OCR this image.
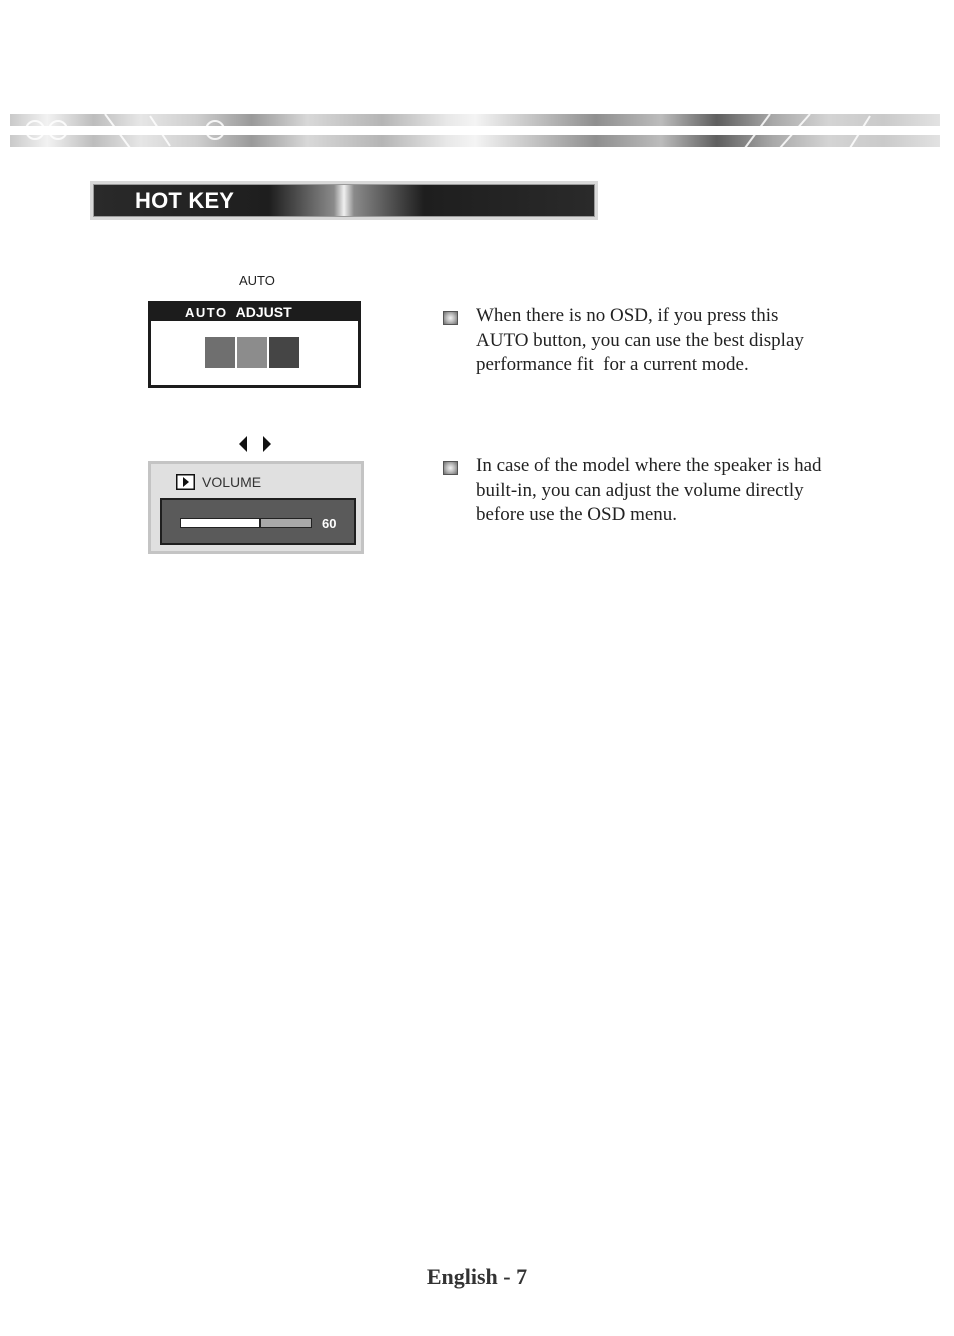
HOT KEY
AUTO
AUTO ADJUST	When there is no OSD, if you press this
AUTO button, you can use the best display
performance fit  for a current mode.
VOLUME
60
In case of the model where the speaker is had
built-in, you can adjust the volume directly
before use the OSD menu.
English - 7
